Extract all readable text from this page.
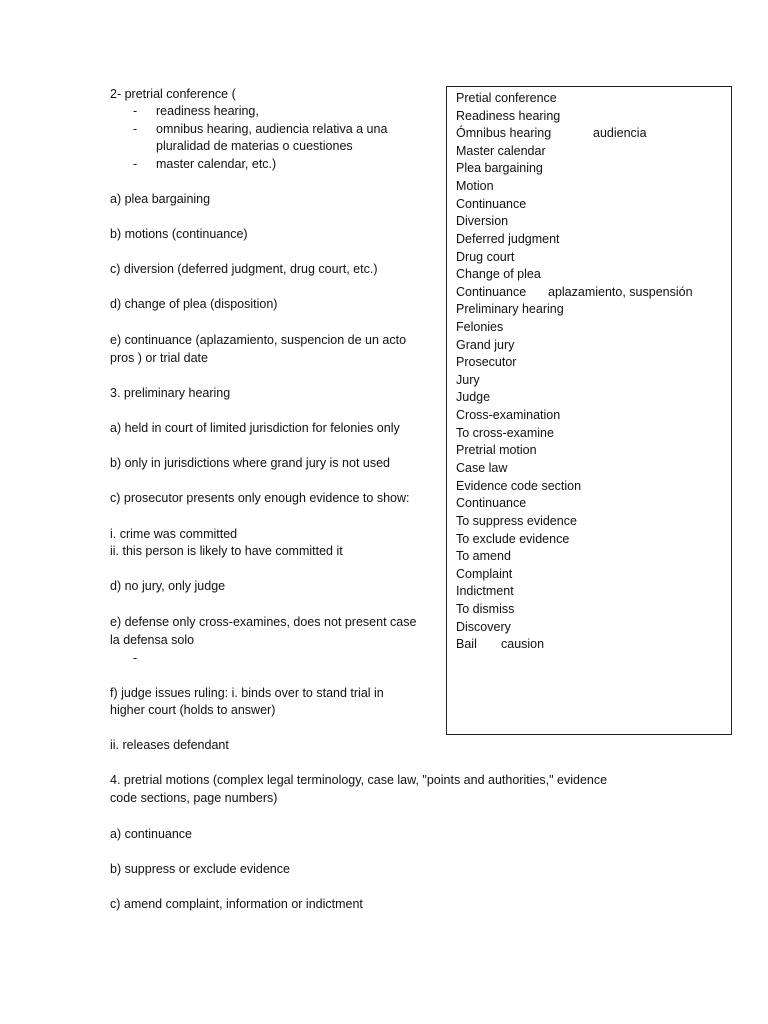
2- pretrial conference (
- readiness hearing,
- omnibus hearing, audiencia relativa a una
pluralidad de materias o cuestiones
- master calendar, etc.)
a) plea bargaining
b) motions (continuance)
c) diversion (deferred judgment, drug court, etc.)
d) change of plea (disposition)
e) continuance (aplazamiento, suspencion de un acto
pros ) or trial date
3. preliminary hearing
a) held in court of limited jurisdiction for felonies only
b) only in jurisdictions where grand jury is not used
c) prosecutor presents only enough evidence to show:
i. crime was committed
ii. this person is likely to have committed it
d) no jury, only judge
e) defense only cross-examines, does not present case
la defensa solo
-
f) judge issues ruling: i. binds over to stand trial in
higher court (holds to answer)
ii. releases defendant
4. pretrial motions (complex legal terminology, case law, "points and authorities," evidence
code sections, page numbers)
a) continuance
b) suppress or exclude evidence
c) amend complaint, information or indictment
Pretial conference
Readiness hearing
Ómnibus hearing	audiencia
Master calendar
Plea bargaining
Motion
Continuance
Diversion
Deferred judgment
Drug court
Change of plea
Continuance aplazamiento, suspensión
Preliminary hearing
Felonies
Grand jury
Prosecutor
Jury
Judge
Cross-examination
To cross-examine
Pretrial motion
Case law
Evidence code section
Continuance
To suppress evidence
To exclude evidence
To amend
Complaint
Indictment
To dismiss
Discovery
Bail causion
